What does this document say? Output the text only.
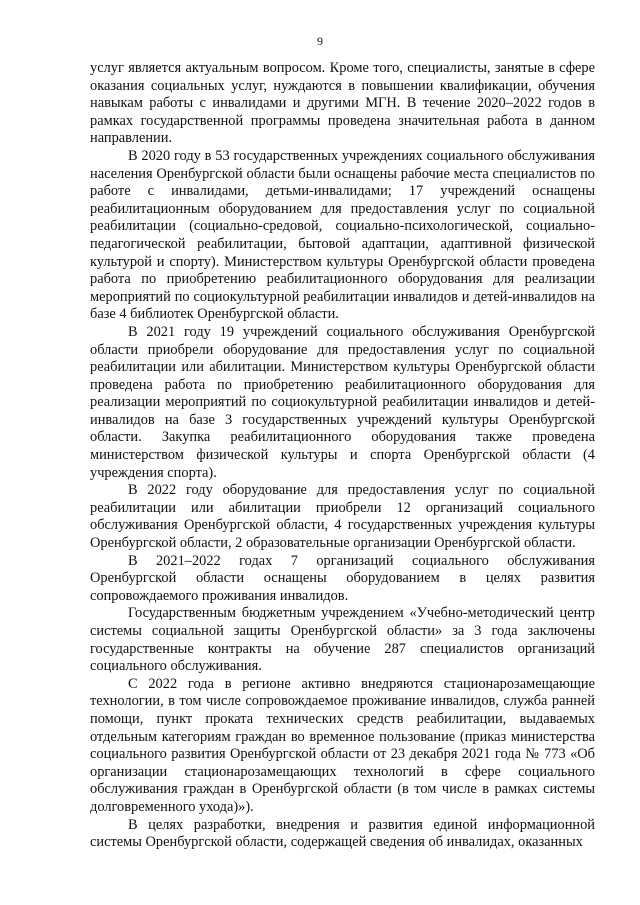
9

услуг является актуальным вопросом. Кроме того, специалисты, занятые в сфере оказания социальных услуг, нуждаются в повышении квалификации, обучения навыкам работы с инвалидами и другими МГН. В течение 2020–2022 годов в рамках государственной программы проведена значительная работа в данном направлении.

В 2020 году в 53 государственных учреждениях социального обслуживания населения Оренбургской области были оснащены рабочие места специалистов по работе с инвалидами, детьми-инвалидами; 17 учреждений оснащены реабилитационным оборудованием для предоставления услуг по социальной реабилитации (социально-средовой, социально-психологической, социально-педагогической реабилитации, бытовой адаптации, адаптивной физической культурой и спорту). Министерством культуры Оренбургской области проведена работа по приобретению реабилитационного оборудования для реализации мероприятий по социокультурной реабилитации инвалидов и детей-инвалидов на базе 4 библиотек Оренбургской области.

В 2021 году 19 учреждений социального обслуживания Оренбургской области приобрели оборудование для предоставления услуг по социальной реабилитации или абилитации. Министерством культуры Оренбургской области проведена работа по приобретению реабилитационного оборудования для реализации мероприятий по социокультурной реабилитации инвалидов и детей-инвалидов на базе 3 государственных учреждений культуры Оренбургской области. Закупка реабилитационного оборудования также проведена министерством физической культуры и спорта Оренбургской области (4 учреждения спорта).

В 2022 году оборудование для предоставления услуг по социальной реабилитации или абилитации приобрели 12 организаций социального обслуживания Оренбургской области, 4 государственных учреждения культуры Оренбургской области, 2 образовательные организации Оренбургской области.

В 2021–2022 годах 7 организаций социального обслуживания Оренбургской области оснащены оборудованием в целях развития сопровождаемого проживания инвалидов.

Государственным бюджетным учреждением «Учебно-методический центр системы социальной защиты Оренбургской области» за 3 года заключены государственные контракты на обучение 287 специалистов организаций социального обслуживания.

С 2022 года в регионе активно внедряются стационарозамещающие технологии, в том числе сопровождаемое проживание инвалидов, служба ранней помощи, пункт проката технических средств реабилитации, выдаваемых отдельным категориям граждан во временное пользование (приказ министерства социального развития Оренбургской области от 23 декабря 2021 года № 773 «Об организации стационарозамещающих технологий в сфере социального обслуживания граждан в Оренбургской области (в том числе в рамках системы долговременного ухода)»).

В целях разработки, внедрения и развития единой информационной системы Оренбургской области, содержащей сведения об инвалидах, оказанных
